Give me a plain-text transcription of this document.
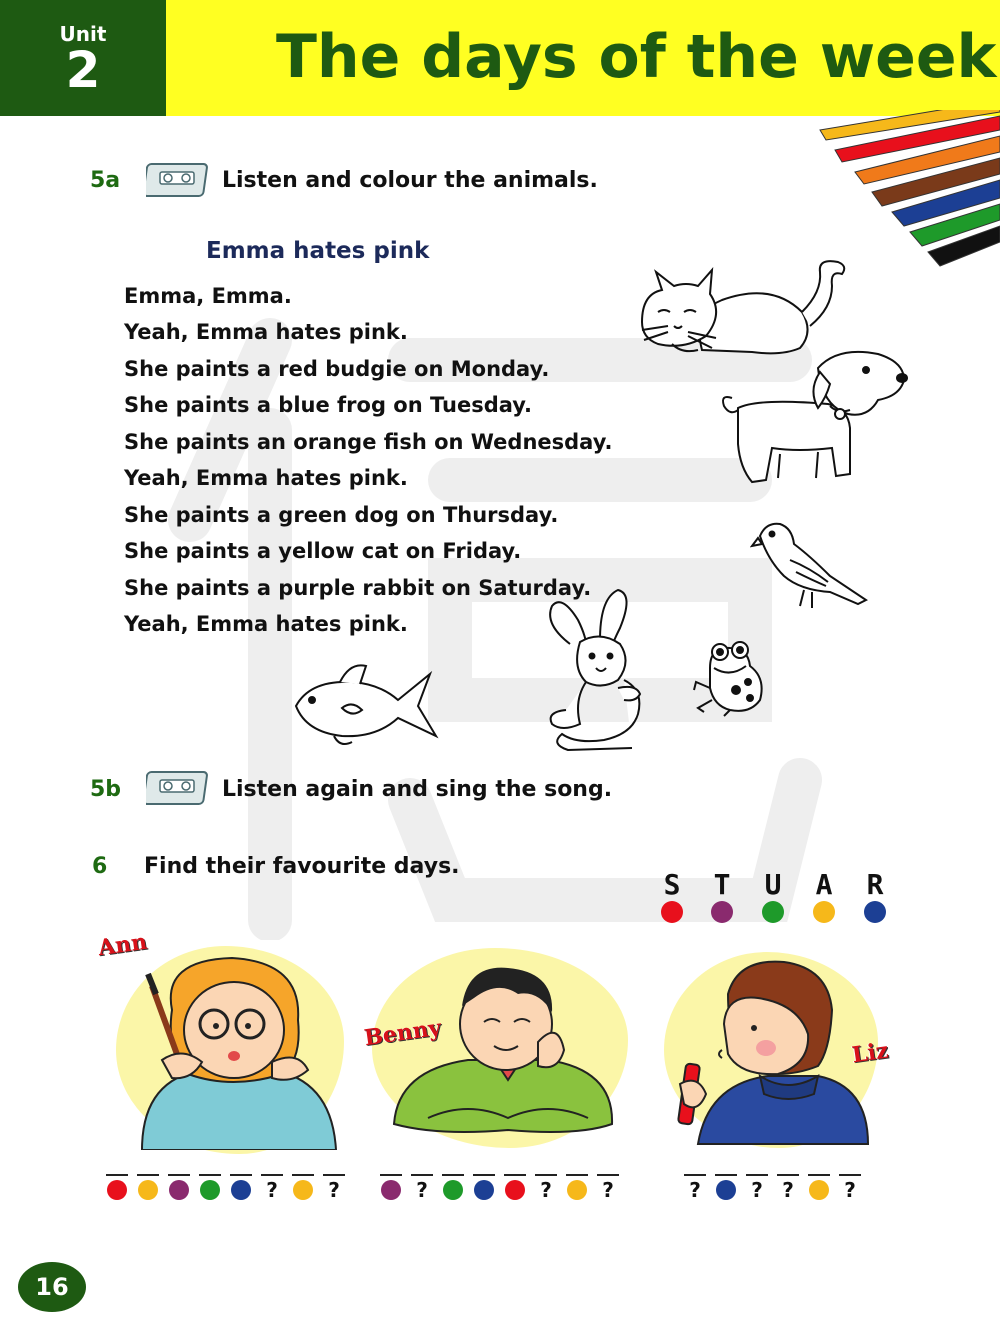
Unit
2	The days of the week
5a	Listen and colour the animals.
Emma hates pink
Emma, Emma.
Yeah, Emma hates pink.
She paints a red budgie on Monday.
She paints a blue frog on Tuesday.
She paints an orange fish on Wednesday.
Yeah, Emma hates pink.
She paints a green dog on Thursday.
She paints a yellow cat on Friday.
She paints a purple rabbit on Saturday.
Yeah, Emma hates pink.
5b	Listen again and sing the song.
6 Find their favourite days.
S	T	U	A	R
Ann
Benny
Liz
?	?	?	?	?	?	? ?	?
16
